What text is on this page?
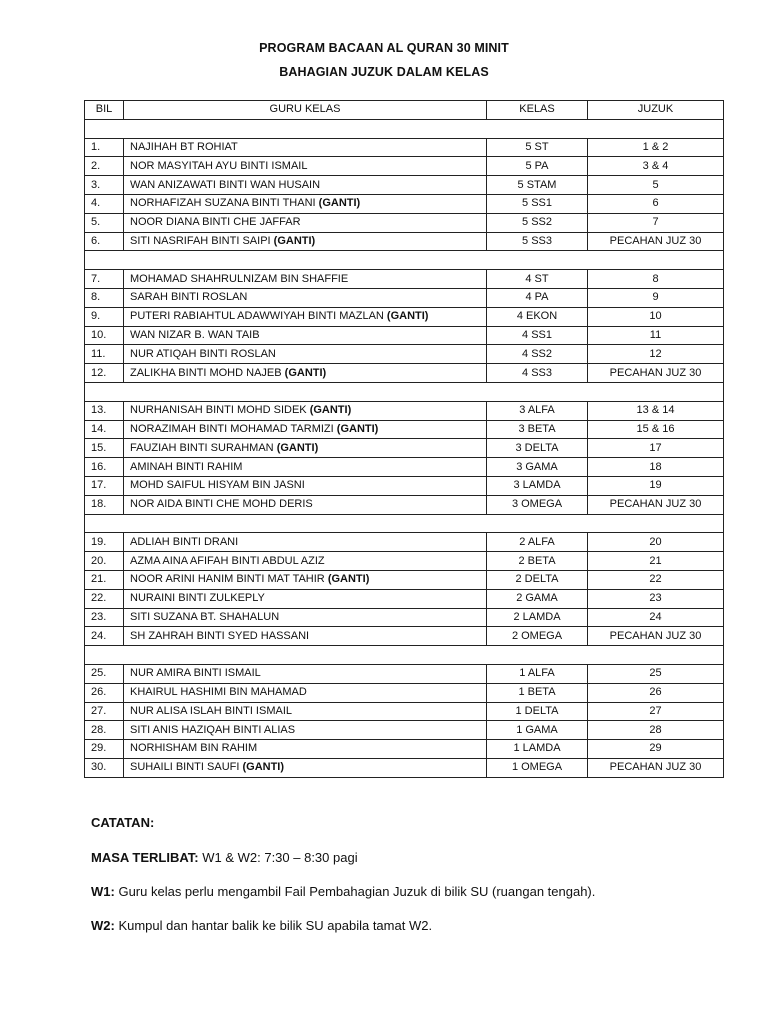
PROGRAM BACAAN AL QURAN 30 MINIT
BAHAGIAN JUZUK DALAM KELAS
BIL	GURU KELAS	KELAS	JUZUK

1.	NAJIHAH BT ROHIAT	5 ST	1 & 2
2.	NOR MASYITAH AYU BINTI ISMAIL	5 PA	3 & 4
3.	WAN ANIZAWATI BINTI WAN HUSAIN	5 STAM	5
4.	NORHAFIZAH SUZANA BINTI THANI (GANTI)	5 SS1	6
5.	NOOR DIANA BINTI CHE JAFFAR	5 SS2	7
6.	SITI NASRIFAH BINTI SAIPI (GANTI)	5 SS3	PECAHAN JUZ 30

7.	MOHAMAD SHAHRULNIZAM BIN SHAFFIE	4 ST	8
8.	SARAH BINTI ROSLAN	4 PA	9
9.	PUTERI RABIAHTUL ADAWWIYAH BINTI MAZLAN (GANTI)	4 EKON	10
10.	WAN NIZAR B. WAN TAIB	4 SS1	11
11.	NUR ATIQAH BINTI ROSLAN	4 SS2	12
12.	ZALIKHA BINTI MOHD NAJEB (GANTI)	4 SS3	PECAHAN JUZ 30

13.	NURHANISAH BINTI MOHD SIDEK (GANTI)	3 ALFA	13 & 14
14.	NORAZIMAH BINTI MOHAMAD TARMIZI (GANTI)	3 BETA	15 & 16
15.	FAUZIAH BINTI SURAHMAN (GANTI)	3 DELTA	17
16.	AMINAH BINTI RAHIM	3 GAMA	18
17.	MOHD SAIFUL HISYAM BIN JASNI	3 LAMDA	19
18.	NOR AIDA BINTI CHE MOHD DERIS	3 OMEGA	PECAHAN JUZ 30

19.	ADLIAH BINTI DRANI	2 ALFA	20
20.	AZMA AINA AFIFAH BINTI ABDUL AZIZ	2 BETA	21
21.	NOOR ARINI HANIM BINTI MAT TAHIR (GANTI)	2 DELTA	22
22.	NURAINI BINTI ZULKEPLY	2 GAMA	23
23.	SITI SUZANA BT. SHAHALUN	2 LAMDA	24
24.	SH ZAHRAH BINTI SYED HASSANI	2 OMEGA	PECAHAN JUZ 30

25.	NUR AMIRA BINTI ISMAIL	1 ALFA	25
26.	KHAIRUL HASHIMI BIN MAHAMAD	1 BETA	26
27.	NUR ALISA ISLAH BINTI ISMAIL	1 DELTA	27
28.	SITI ANIS HAZIQAH BINTI ALIAS	1 GAMA	28
29.	NORHISHAM BIN RAHIM	1 LAMDA	29
30.	SUHAILI BINTI SAUFI (GANTI)	1 OMEGA	PECAHAN JUZ 30
CATATAN:
MASA TERLIBAT: W1 & W2: 7:30 – 8:30 pagi
W1: Guru kelas perlu mengambil Fail Pembahagian Juzuk di bilik SU (ruangan tengah).
W2: Kumpul dan hantar balik ke bilik SU apabila tamat W2.
